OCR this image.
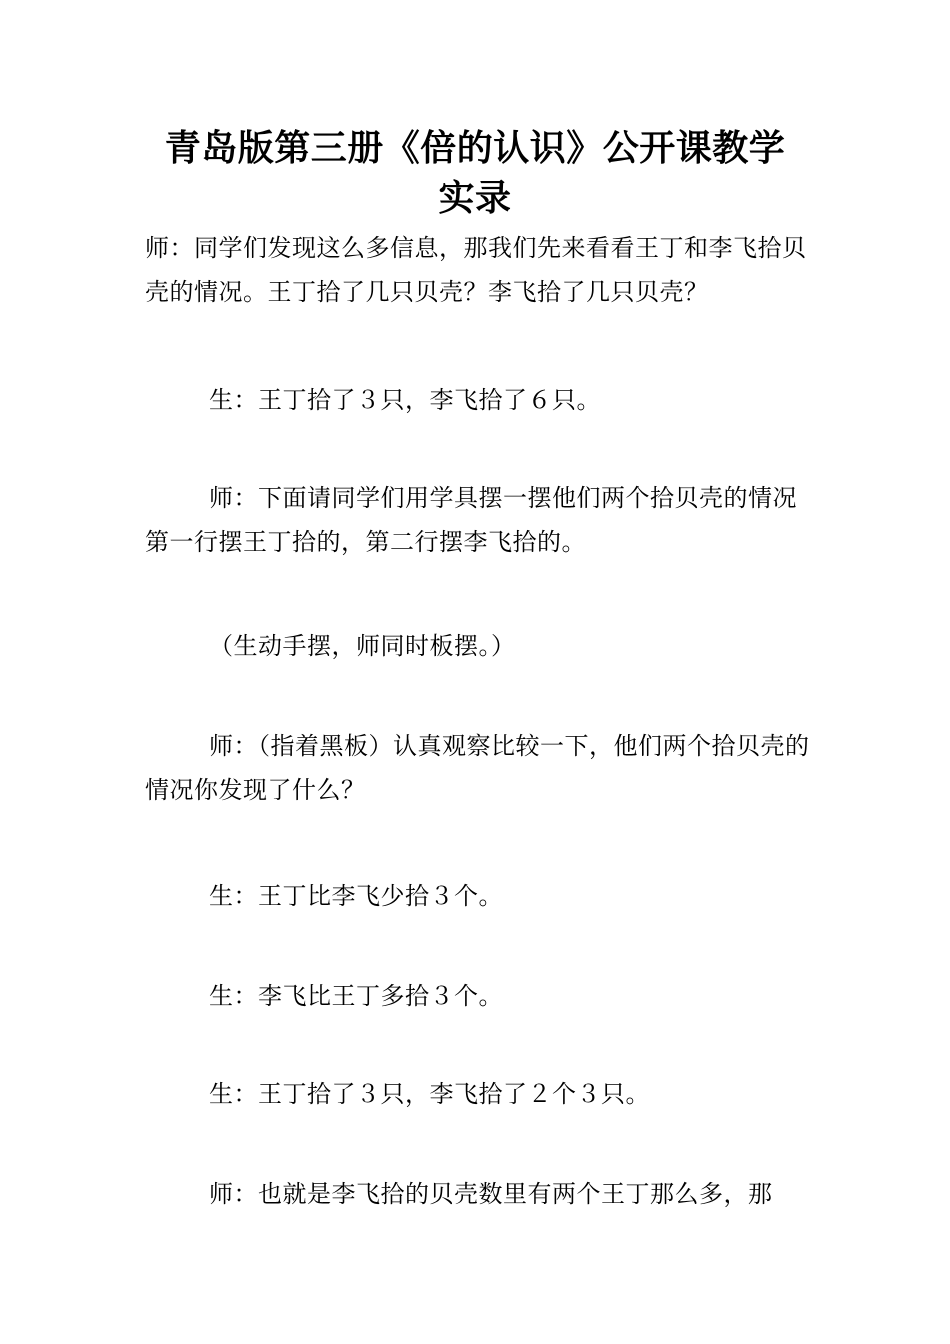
青岛版第三册《倍的认识》公开课教学
实录

师：同学们发现这么多信息，那我们先来看看王丁和李飞拾贝壳的情况。王丁拾了几只贝壳？李飞拾了几只贝壳？

生：王丁拾了３只，李飞拾了６只。

师：下面请同学们用学具摆一摆他们两个拾贝壳的情况第一行摆王丁拾的，第二行摆李飞拾的。

（生动手摆，师同时板摆。）

师：（指着黑板）认真观察比较一下，他们两个拾贝壳的情况你发现了什么？

生：王丁比李飞少拾３个。

生：李飞比王丁多拾３个。

生：王丁拾了３只，李飞拾了２个３只。

师：也就是李飞拾的贝壳数里有两个王丁那么多，那
